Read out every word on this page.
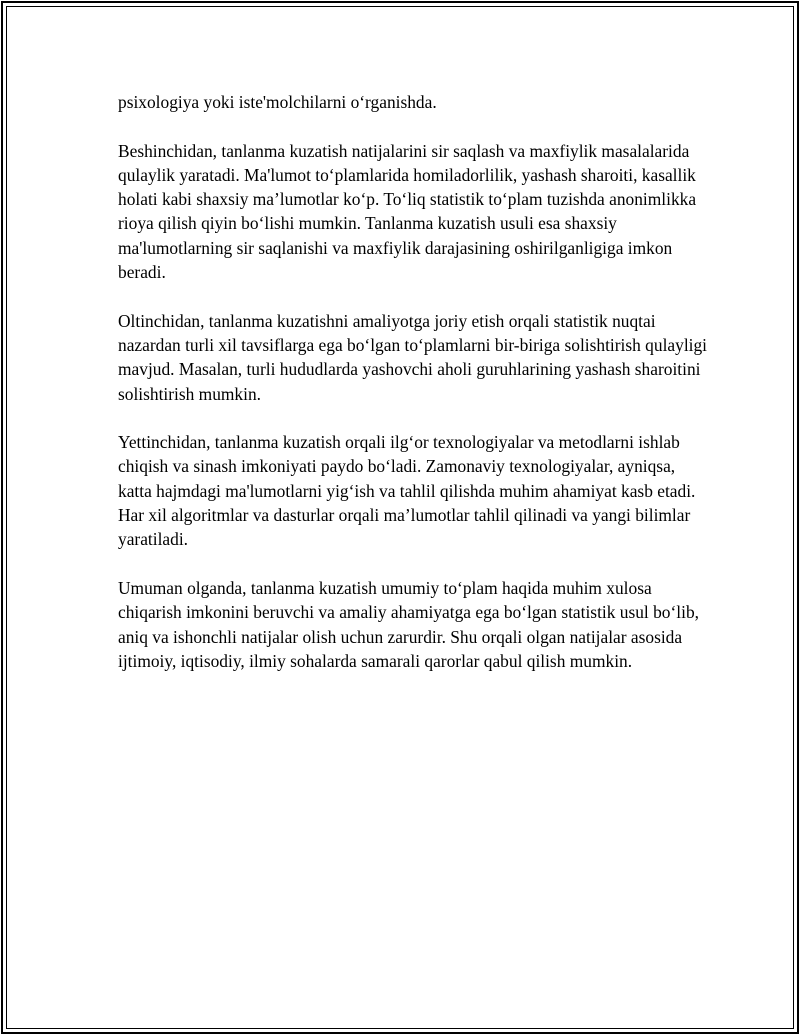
psixologiya yoki iste'molchilarni o‘rganishda.

Beshinchidan, tanlanma kuzatish natijalarini sir saqlash va maxfiylik masalalarida qulaylik yaratadi. Ma'lumot to‘plamlarida homiladorlilik, yashash sharoiti, kasallik holati kabi shaxsiy ma’lumotlar ko‘p. To‘liq statistik to‘plam tuzishda anonimlikka rioya qilish qiyin bo‘lishi mumkin. Tanlanma kuzatish usuli esa shaxsiy ma'lumotlarning sir saqlanishi va maxfiylik darajasining oshirilganligiga imkon beradi.

Oltinchidan, tanlanma kuzatishni amaliyotga joriy etish orqali statistik nuqtai nazardan turli xil tavsiflarga ega bo‘lgan to‘plamlarni bir-biriga solishtirish qulayligi mavjud. Masalan, turli hududlarda yashovchi aholi guruhlarining yashash sharoitini solishtirish mumkin.

Yettinchidan, tanlanma kuzatish orqali ilg‘or texnologiyalar va metodlarni ishlab chiqish va sinash imkoniyati paydo bo‘ladi. Zamonaviy texnologiyalar, ayniqsa, katta hajmdagi ma'lumotlarni yig‘ish va tahlil qilishda muhim ahamiyat kasb etadi. Har xil algoritmlar va dasturlar orqali ma’lumotlar tahlil qilinadi va yangi bilimlar yaratiladi.

Umuman olganda, tanlanma kuzatish umumiy to‘plam haqida muhim xulosa chiqarish imkonini beruvchi va amaliy ahamiyatga ega bo‘lgan statistik usul bo‘lib, aniq va ishonchli natijalar olish uchun zarurdir. Shu orqali olgan natijalar asosida ijtimoiy, iqtisodiy, ilmiy sohalarda samarali qarorlar qabul qilish mumkin.
